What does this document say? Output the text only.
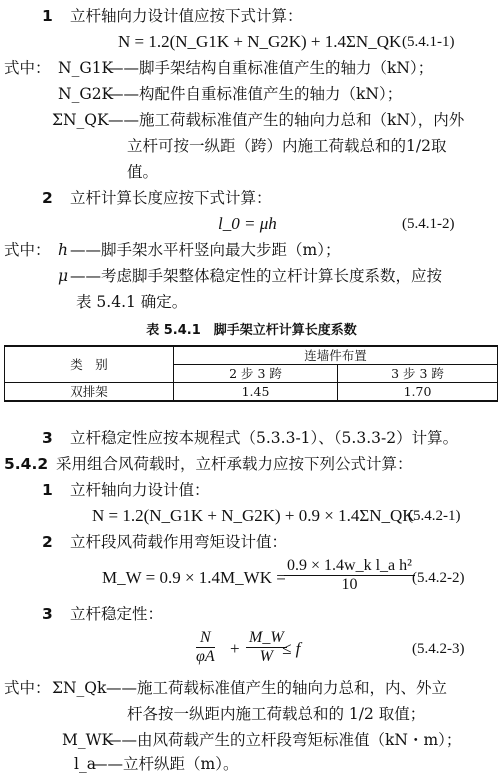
1 立杆轴向力设计值应按下式计算：
N = 1.2(N_G1K + N_G2K) + 1.4ΣN_QK (5.4.1-1)
式中： N_G1K
——脚手架结构自重标准值产生的轴力（kN）；
N_G2K
——构配件自重标准值产生的轴力（kN）；
ΣN_QK ——施工荷载标准值产生的轴向力总和（kN），内外
立杆可按一纵距（跨）内施工荷载总和的1/2取
值。
2 立杆计算长度应按下式计算：
l_0 = μh	(5.4.1-2)
式中： h ——脚手架水平杆竖向最大步距（m）；
μ ——考虑脚手架整体稳定性的立杆计算长度系数，应按
表 5.4.1 确定。
表 5.4.1　脚手架立杆计算长度系数
类　别	连墙件布置	
	2 步 3 跨	3 步 3 跨
双排架	1.45	1.70
3 立杆稳定性应按本规程式（5.3.3-1）、（5.3.3-2）计算。
5.4.2 采用组合风荷载时，立杆承载力应按下列公式计算：
1 立杆轴向力设计值：
N = 1.2(N_G1K + N_G2K) + 0.9 × 1.4ΣN_QK
(5.4.2-1)
2 立杆段风荷载作用弯矩设计值：
M_W = 0.9 × 1.4M_WK =
$\frac{\text{0.9 × 1.4w\_k l\_a h²}}{10}$
(5.4.2-2)
3 立杆稳定性：
$\frac{N}{\varphi A} + \frac{M\_W}{W}$
≤ f	(5.4.2-3)
式中： ΣN_Qk ——施工荷载标准值产生的轴向力总和，内、外立
杆各按一纵距内施工荷载总和的 1/2 取值；
M_WK
——由风荷载产生的立杆段弯矩标准值（kN・m）；
l_a
——立杆纵距（m）。
